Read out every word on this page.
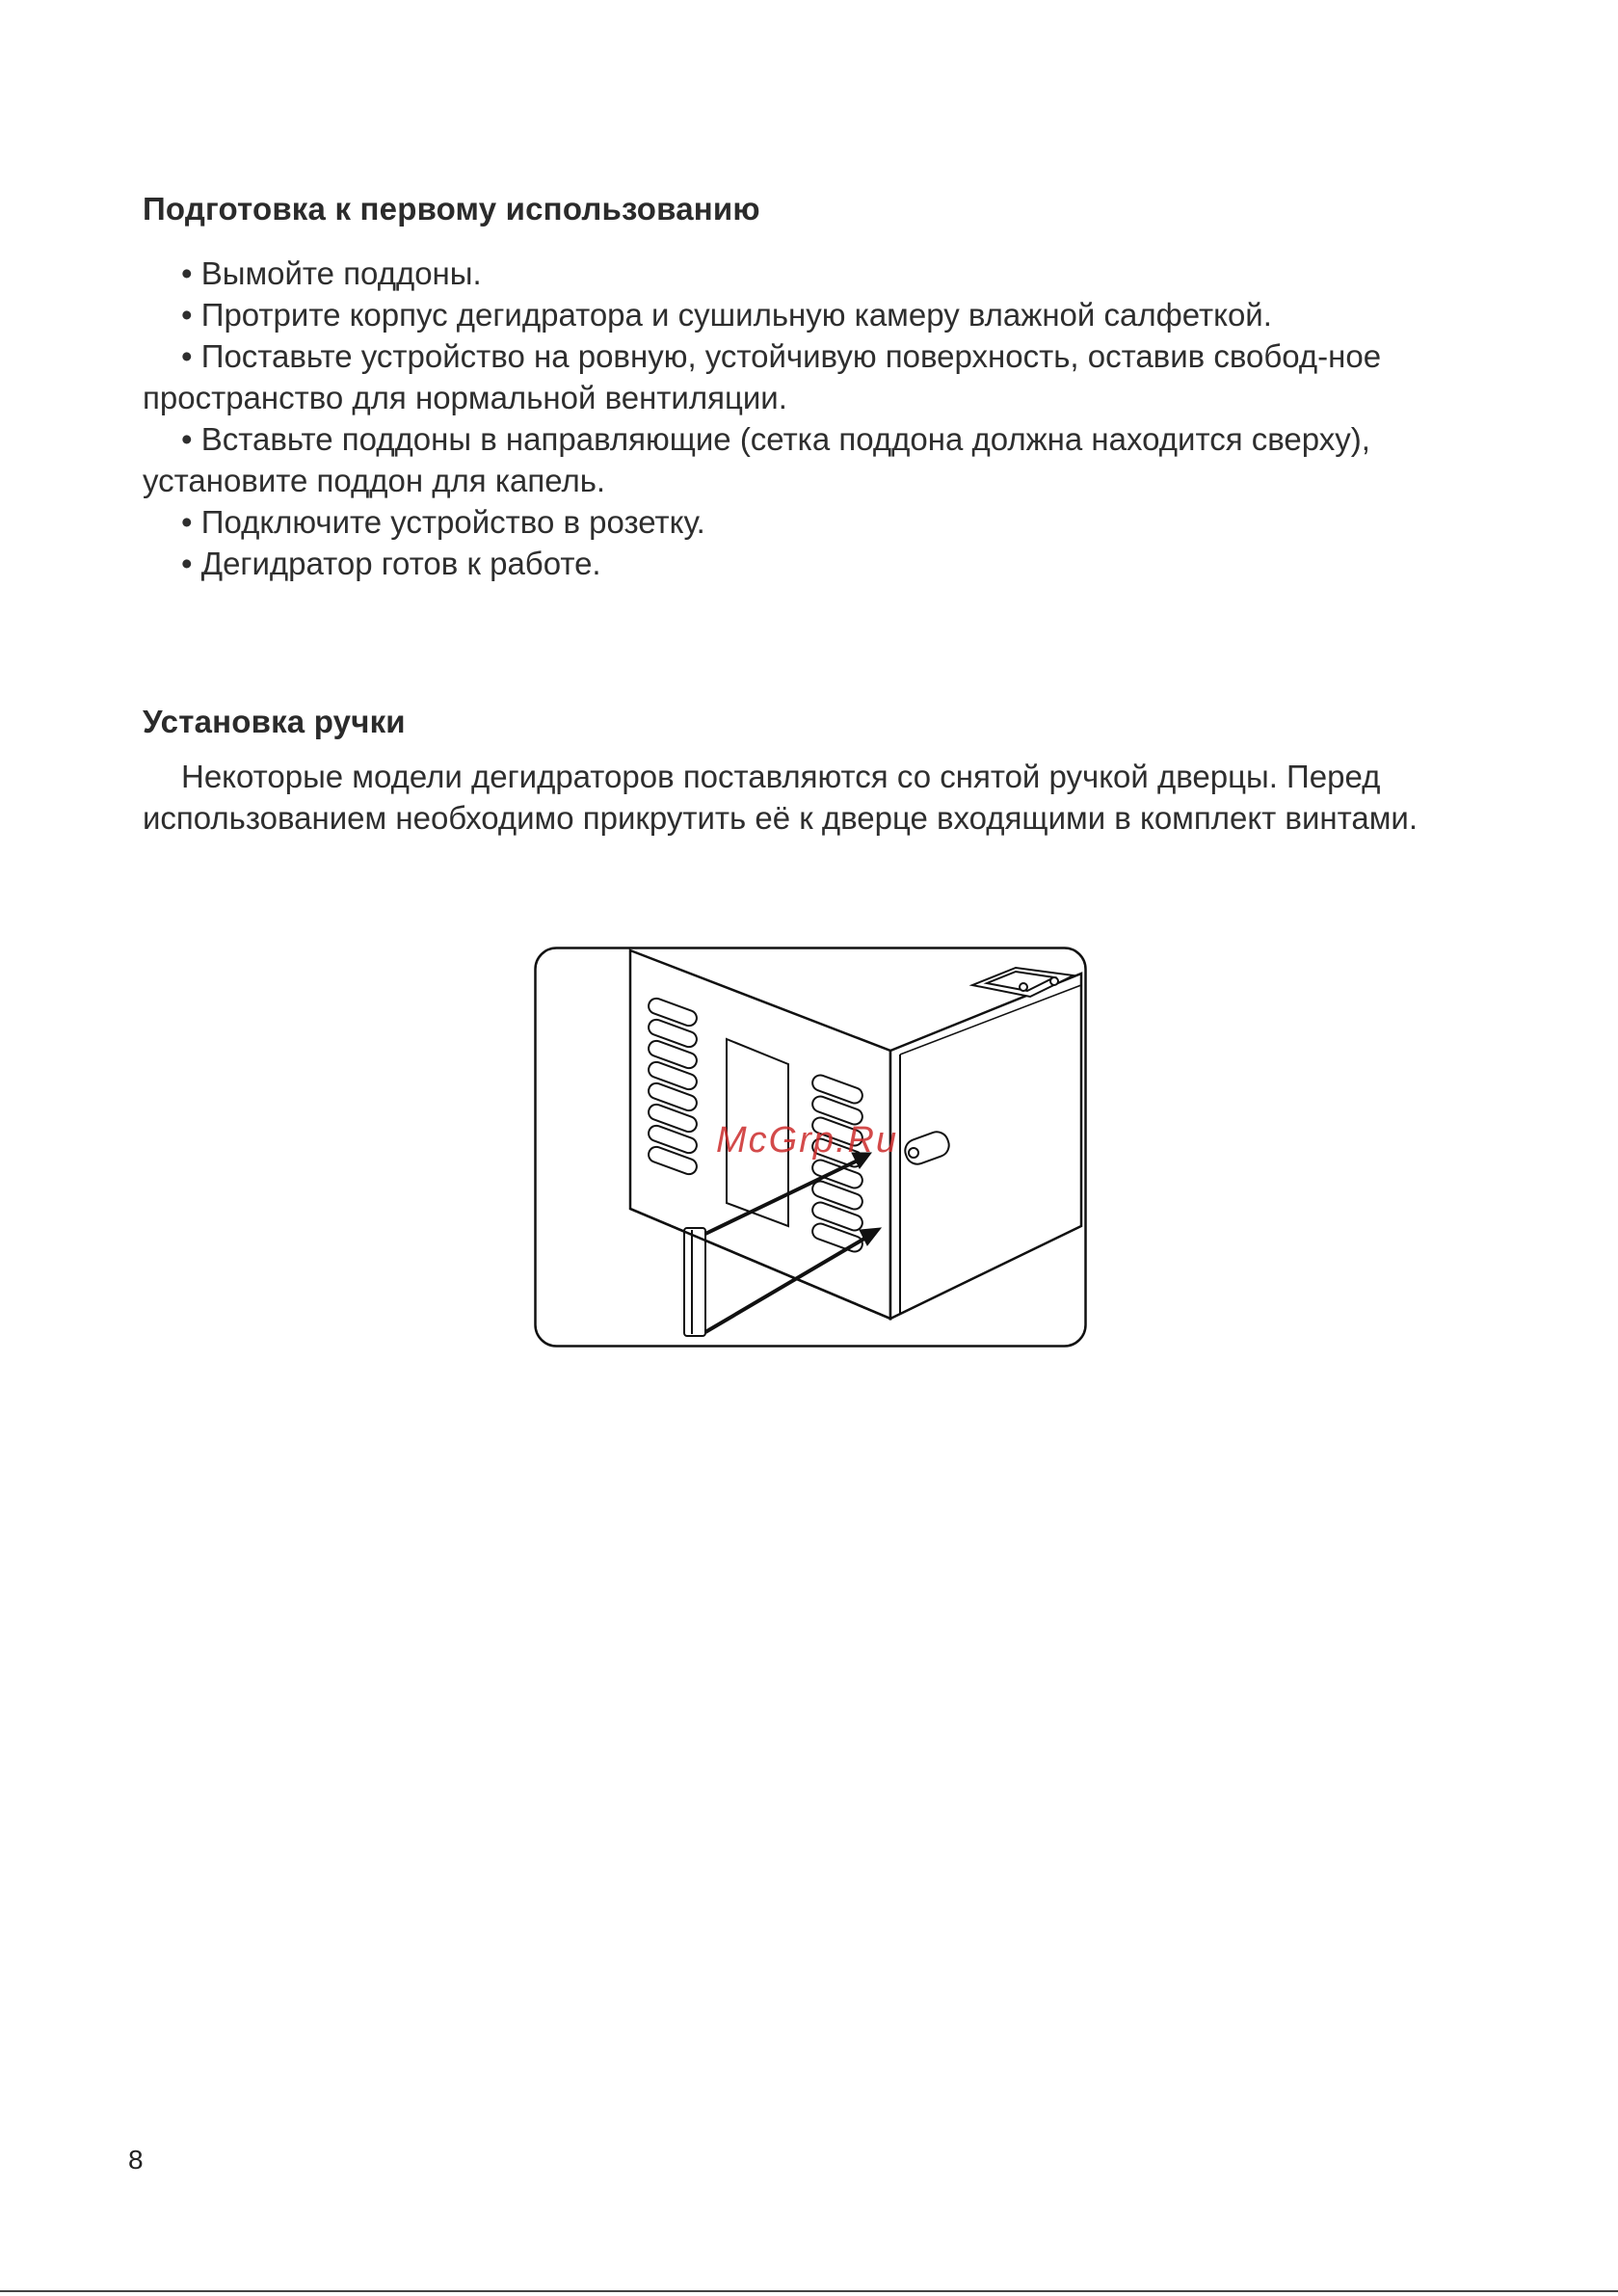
Подготовка к первому использованию

• Вымойте поддоны.

• Протрите корпус дегидратора и сушильную камеру влажной салфеткой.

• Поставьте устройство на ровную, устойчивую поверхность, оставив свобод-ное пространство для нормальной вентиляции.

• Вставьте поддоны в направляющие (сетка поддона должна находится сверху), установите поддон для капель.

• Подключите устройство в розетку.

• Дегидратор готов к работе.

Установка ручки

Некоторые модели дегидраторов поставляются со снятой ручкой дверцы. Перед использованием необходимо прикрутить её к дверце входящими в комплект винтами.

McGrp.Ru
8
